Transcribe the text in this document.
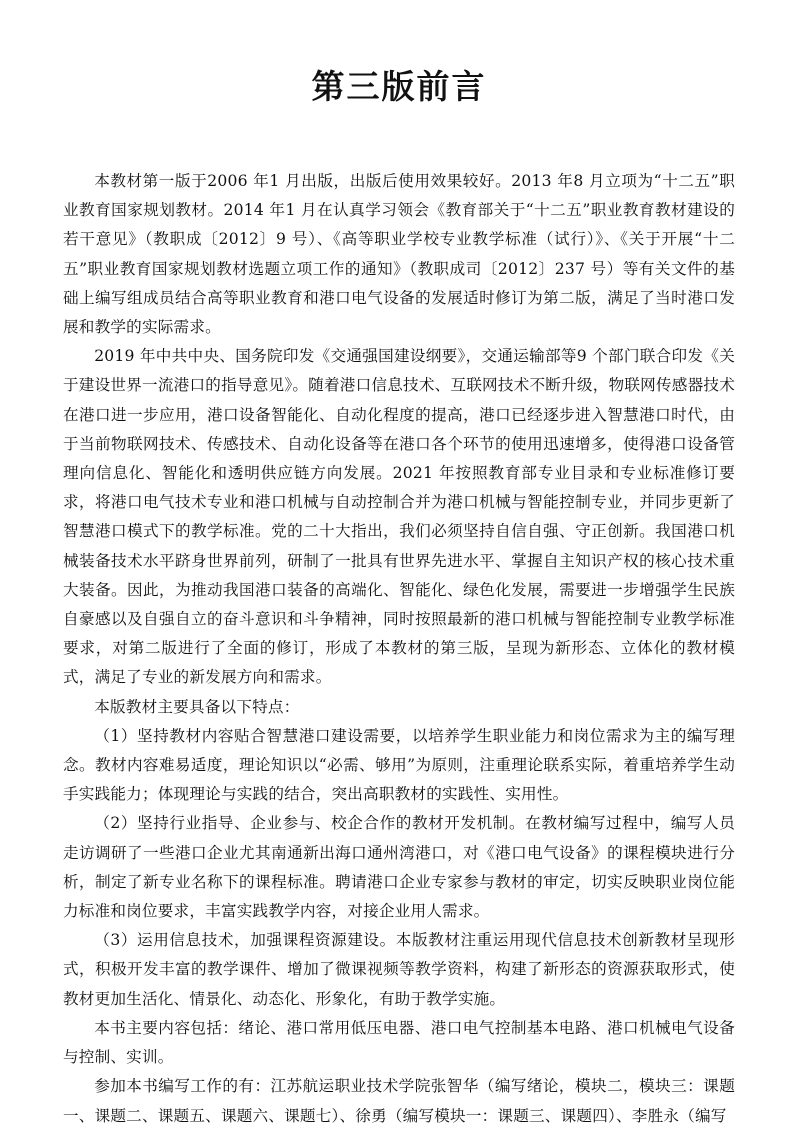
第三版前言

本教材第一版于2006 年1 月出版，出版后使用效果较好。2013 年8 月立项为“十二五”职业教育国家规划教材。2014 年1 月在认真学习领会《教育部关于“十二五”职业教育教材建设的若干意见》（教职成〔2012〕9 号）、《高等职业学校专业教学标准（试行）》、《关于开展“十二五”职业教育国家规划教材选题立项工作的通知》（教职成司〔2012〕237 号）等有关文件的基础上编写组成员结合高等职业教育和港口电气设备的发展适时修订为第二版，满足了当时港口发展和教学的实际需求。

2019 年中共中央、国务院印发《交通强国建设纲要》，交通运输部等9 个部门联合印发《关于建设世界一流港口的指导意见》。随着港口信息技术、互联网技术不断升级，物联网传感器技术在港口进一步应用，港口设备智能化、自动化程度的提高，港口已经逐步进入智慧港口时代，由于当前物联网技术、传感技术、自动化设备等在港口各个环节的使用迅速增多，使得港口设备管理向信息化、智能化和透明供应链方向发展。2021 年按照教育部专业目录和专业标准修订要求，将港口电气技术专业和港口机械与自动控制合并为港口机械与智能控制专业，并同步更新了智慧港口模式下的教学标准。党的二十大指出，我们必须坚持自信自强、守正创新。我国港口机械装备技术水平跻身世界前列，研制了一批具有世界先进水平、掌握自主知识产权的核心技术重大装备。因此，为推动我国港口装备的高端化、智能化、绿色化发展，需要进一步增强学生民族自豪感以及自强自立的奋斗意识和斗争精神，同时按照最新的港口机械与智能控制专业教学标准要求，对第二版进行了全面的修订，形成了本教材的第三版，呈现为新形态、立体化的教材模式，满足了专业的新发展方向和需求。

本版教材主要具备以下特点：

（1）坚持教材内容贴合智慧港口建设需要，以培养学生职业能力和岗位需求为主的编写理念。教材内容难易适度，理论知识以“必需、够用”为原则，注重理论联系实际，着重培养学生动手实践能力；体现理论与实践的结合，突出高职教材的实践性、实用性。

（2）坚持行业指导、企业参与、校企合作的教材开发机制。在教材编写过程中，编写人员走访调研了一些港口企业尤其南通新出海口通州湾港口，对《港口电气设备》的课程模块进行分析，制定了新专业名称下的课程标准。聘请港口企业专家参与教材的审定，切实反映职业岗位能力标准和岗位要求，丰富实践教学内容，对接企业用人需求。

（3）运用信息技术，加强课程资源建设。本版教材注重运用现代信息技术创新教材呈现形式，积极开发丰富的教学课件、增加了微课视频等教学资料，构建了新形态的资源获取形式，使教材更加生活化、情景化、动态化、形象化，有助于教学实施。

本书主要内容包括：绪论、港口常用低压电器、港口电气控制基本电路、港口机械电气设备与控制、实训。

参加本书编写工作的有：江苏航运职业技术学院张智华（编写绪论，模块二，模块三：课题一、课题二、课题五、课题六、课题七）、徐勇（编写模块一：课题三、课题四）、李胜永（编写
